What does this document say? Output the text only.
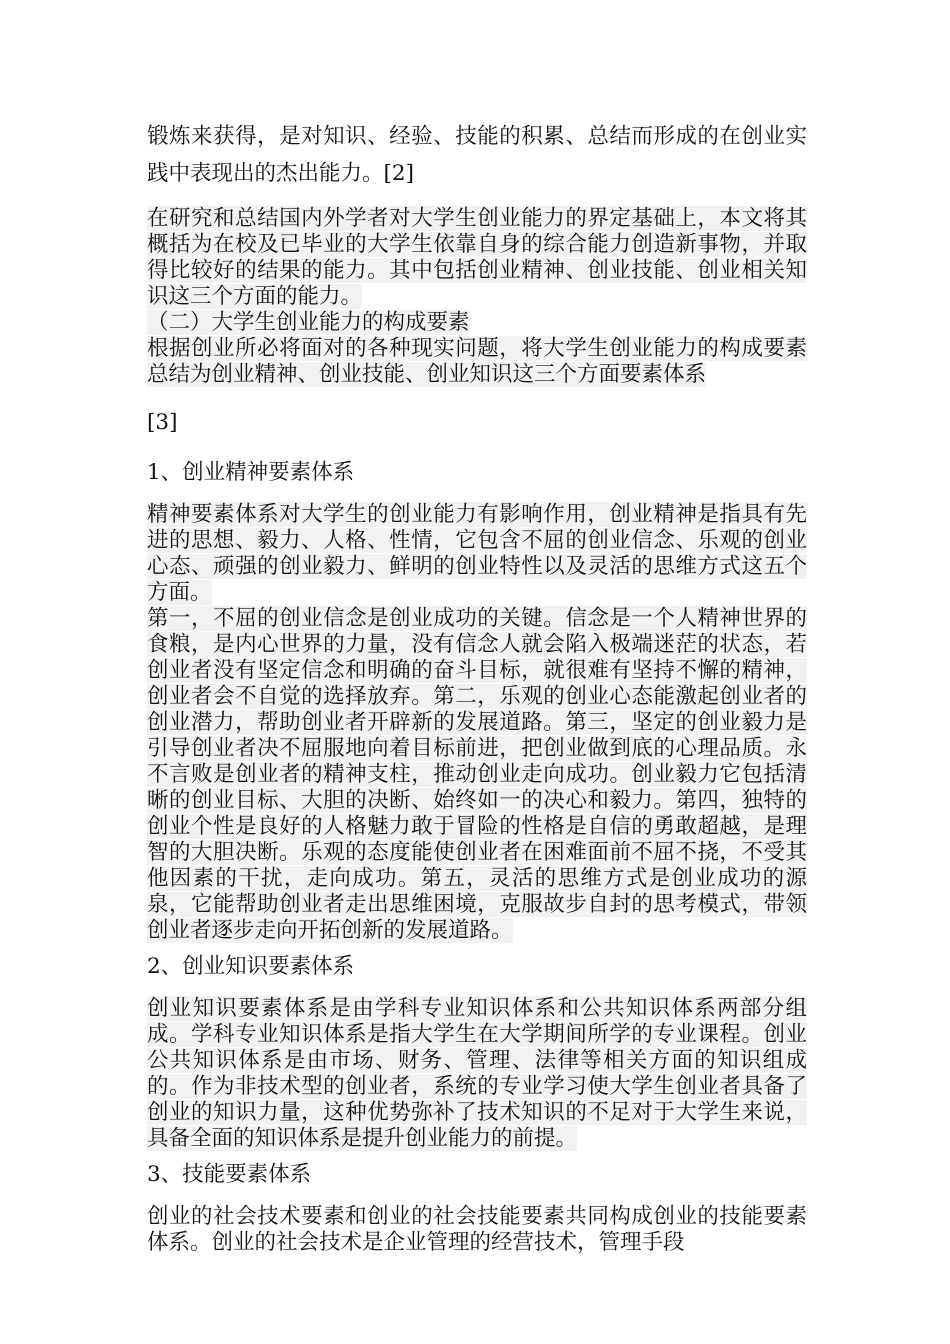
锻炼来获得，是对知识、经验、技能的积累、总结而形成的在创业实践中表现出的杰出能力。[2]

在研究和总结国内外学者对大学生创业能力的界定基础上，本文将其概括为在校及已毕业的大学生依靠自身的综合能力创造新事物，并取得比较好的结果的能力。其中包括创业精神、创业技能、创业相关知识这三个方面的能力。

（二）大学生创业能力的构成要素

根据创业所必将面对的各种现实问题，将大学生创业能力的构成要素总结为创业精神、创业技能、创业知识这三个方面要素体系

[3]

1、创业精神要素体系

精神要素体系对大学生的创业能力有影响作用，创业精神是指具有先进的思想、毅力、人格、性情，它包含不屈的创业信念、乐观的创业心态、顽强的创业毅力、鲜明的创业特性以及灵活的思维方式这五个方面。

第一，不屈的创业信念是创业成功的关键。信念是一个人精神世界的食粮，是内心世界的力量，没有信念人就会陷入极端迷茫的状态，若创业者没有坚定信念和明确的奋斗目标，就很难有坚持不懈的精神，创业者会不自觉的选择放弃。第二，乐观的创业心态能激起创业者的创业潜力，帮助创业者开辟新的发展道路。第三，坚定的创业毅力是引导创业者决不屈服地向着目标前进，把创业做到底的心理品质。永不言败是创业者的精神支柱，推动创业走向成功。创业毅力它包括清晰的创业目标、大胆的决断、始终如一的决心和毅力。第四，独特的创业个性是良好的人格魅力敢于冒险的性格是自信的勇敢超越，是理智的大胆决断。乐观的态度能使创业者在困难面前不屈不挠，不受其他因素的干扰，走向成功。第五，灵活的思维方式是创业成功的源泉，它能帮助创业者走出思维困境，克服故步自封的思考模式，带领创业者逐步走向开拓创新的发展道路。

2、创业知识要素体系

创业知识要素体系是由学科专业知识体系和公共知识体系两部分组成。学科专业知识体系是指大学生在大学期间所学的专业课程。创业公共知识体系是由市场、财务、管理、法律等相关方面的知识组成的。作为非技术型的创业者，系统的专业学习使大学生创业者具备了创业的知识力量，这种优势弥补了技术知识的不足对于大学生来说，具备全面的知识体系是提升创业能力的前提。

3、技能要素体系

创业的社会技术要素和创业的社会技能要素共同构成创业的技能要素体系。创业的社会技术是企业管理的经营技术，管理手段
